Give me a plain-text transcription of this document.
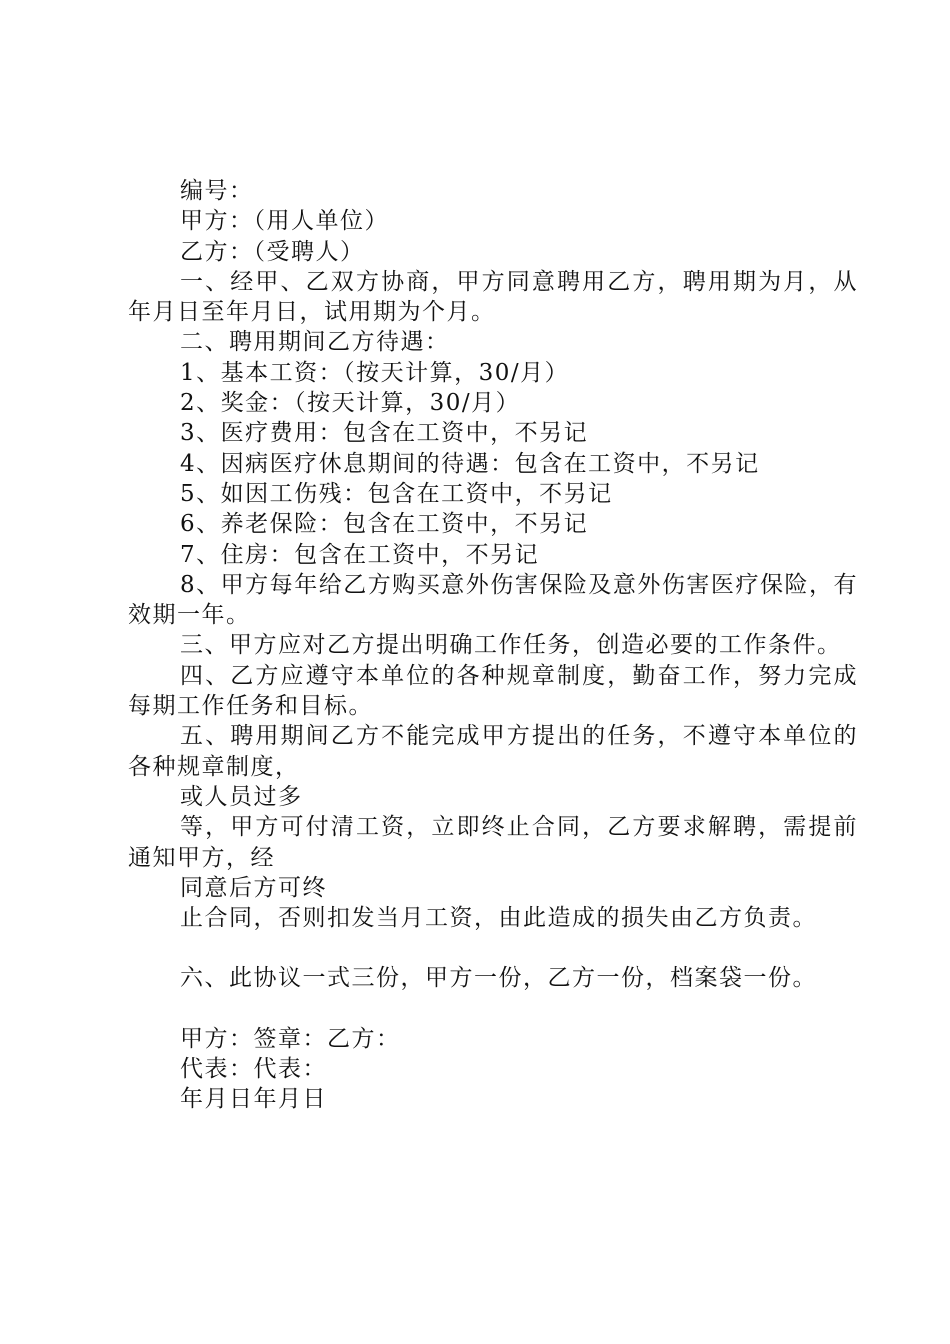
编号：

甲方：（用人单位）

乙方：（受聘人）

一、经甲、乙双方协商，甲方同意聘用乙方，聘用期为月，从年月日至年月日，试用期为个月。

二、聘用期间乙方待遇：

1、基本工资：（按天计算，30/月）

2、奖金：（按天计算，30/月）

3、医疗费用：包含在工资中，不另记

4、因病医疗休息期间的待遇：包含在工资中，不另记

5、如因工伤残：包含在工资中，不另记

6、养老保险：包含在工资中，不另记

7、住房：包含在工资中，不另记

8、甲方每年给乙方购买意外伤害保险及意外伤害医疗保险，有效期一年。

三、甲方应对乙方提出明确工作任务，创造必要的工作条件。

四、乙方应遵守本单位的各种规章制度，勤奋工作，努力完成每期工作任务和目标。

五、聘用期间乙方不能完成甲方提出的任务，不遵守本单位的各种规章制度，

或人员过多

等，甲方可付清工资，立即终止合同，乙方要求解聘，需提前通知甲方，经

同意后方可终

止合同，否则扣发当月工资，由此造成的损失由乙方负责。

六、此协议一式三份，甲方一份，乙方一份，档案袋一份。

甲方：签章：乙方：

代表：代表：

年月日年月日
